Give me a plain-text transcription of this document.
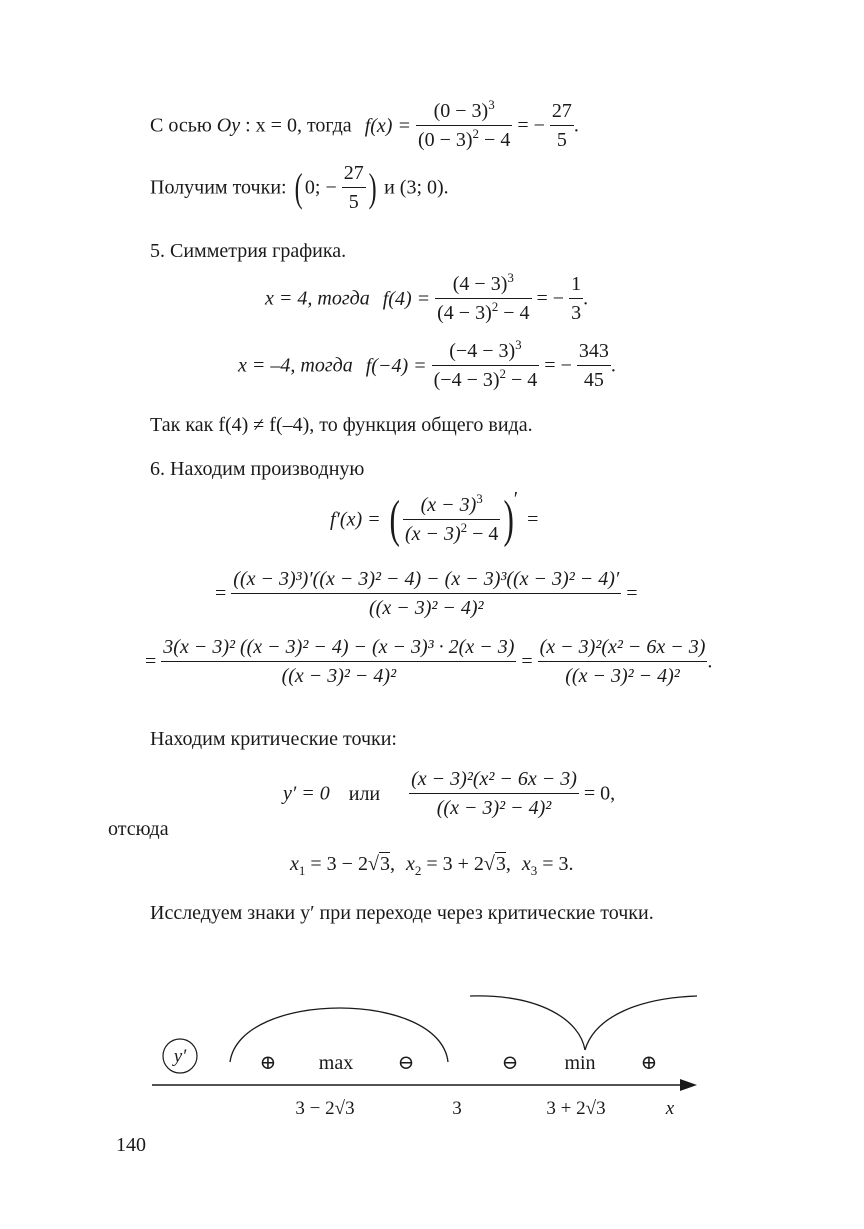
С осью Oy : x = 0, тогда $f(x) = \frac{(0 - 3)^3}{(0 - 3)^2 - 4}$ = − $\frac{27}{5}$ .
Получим точки: ( 0; − $\frac{27}{5}$ ) и (3; 0).
5. Симметрия графика.
x = 4, тогда $f(4) = \frac{(4 - 3)^3}{(4 - 3)^2 - 4}$ = − $\frac{1}{3}$ .
x = –4, тогда $f(-4) = \frac{(-4 - 3)^3}{(-4 - 3)^2 - 4}$ = − $\frac{343}{45}$ .
Так как f(4) ≠ f(–4), то функция общего вида.
6. Находим производную
f′(x) = ( $\frac{(x - 3)^3}{(x - 3)^2 - 4}$ )′ =
= $\frac{\text{((x − 3)³)′((x − 3)² − 4) − (x − 3)³((x − 3)² − 4)′}}{\text{((x − 3)² − 4)²}}$ =
= $\frac{\text{3(x − 3)² ((x − 3)² − 4) − (x − 3)³ · 2(x − 3)}}{\text{((x − 3)² − 4)²}} = \frac{\text{(x − 3)²(x² − 6x − 3)}}{\text{((x − 3)² − 4)²}}$ .
Находим критические точки:
y′ = 0 или $\frac{\text{(x − 3)²(x² − 6x − 3)}}{\text{((x − 3)² − 4)²}} = 0$,
отсюда
$x_1 = 3 - 2√3$, $x_2 = 3 + 2√3$, $x_3 = 3$.
Исследуем знаки y′ при переходе через критические точки.
y′	⊕ max ⊖	⊖ min ⊕
3 − 2√3	3	3 + 2√3	x
140
